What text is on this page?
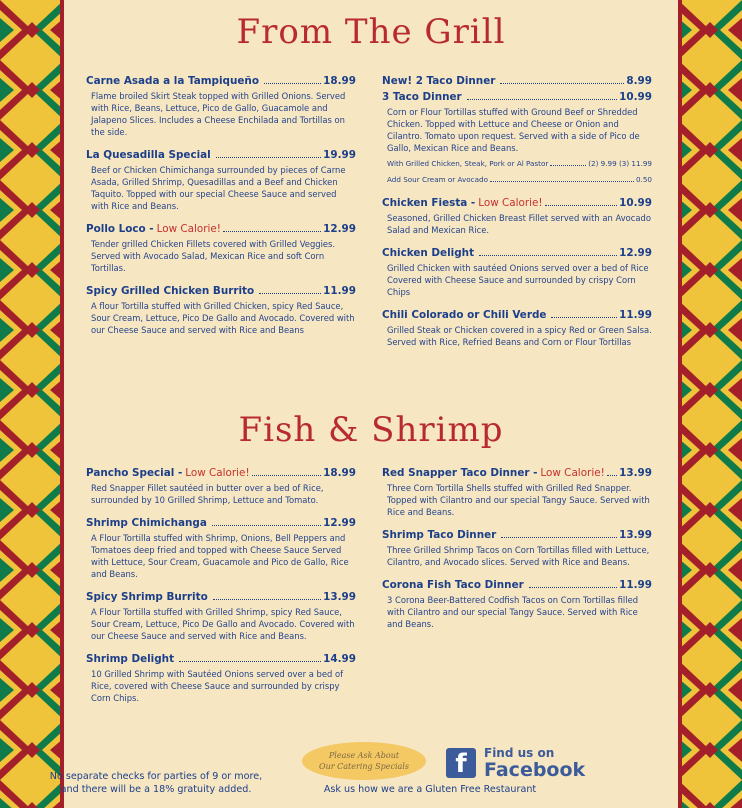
From The Grill
Carne Asada a la Tampiqueño	18.99
Flame broiled Skirt Steak topped with Grilled Onions. Served with Rice, Beans, Lettuce, Pico de Gallo, Guacamole and Jalapeno Slices. Includes a Cheese Enchilada and Tortillas on the side.
La Quesadilla Special	19.99
Beef or Chicken Chimichanga surrounded by pieces of Carne Asada, Grilled Shrimp, Quesadillas and a Beef and Chicken Taquito. Topped with our special Cheese Sauce and served with Rice and Beans.
Pollo Loco - Low Calorie!	12.99
Tender grilled Chicken Fillets covered with Grilled Veggies. Served with Avocado Salad, Mexican Rice and soft Corn Tortillas.
Spicy Grilled Chicken Burrito	11.99
A flour Tortilla stuffed with Grilled Chicken, spicy Red Sauce, Sour Cream, Lettuce, Pico De Gallo and Avocado. Covered with our Cheese Sauce and served with Rice and Beans
New! 2 Taco Dinner	8.99
3 Taco Dinner	10.99
Corn or Flour Tortillas stuffed with Ground Beef or Shredded Chicken. Topped with Lettuce and Cheese or Onion and Cilantro. Tomato upon request. Served with a side of Pico de Gallo, Mexican Rice and Beans.
With Grilled Chicken, Steak, Pork or Al Pastor	(2) 9.99 (3) 11.99
Add Sour Cream or Avocado	0.50
Chicken Fiesta - Low Calorie!	10.99
Seasoned, Grilled Chicken Breast Fillet served with an Avocado Salad and Mexican Rice.
Chicken Delight	12.99
Grilled Chicken with sautéed Onions served over a bed of Rice Covered with Cheese Sauce and surrounded by crispy Corn Chips
Chili Colorado or Chili Verde	11.99
Grilled Steak or Chicken covered in a spicy Red or Green Salsa. Served with Rice, Refried Beans and Corn or Flour Tortillas
Fish & Shrimp
Pancho Special - Low Calorie!	18.99
Red Snapper Fillet sautéed in butter over a bed of Rice, surrounded by 10 Grilled Shrimp, Lettuce and Tomato.
Shrimp Chimichanga	12.99
A Flour Tortilla stuffed with Shrimp, Onions, Bell Peppers and Tomatoes deep fried and topped with Cheese Sauce Served with Lettuce, Sour Cream, Guacamole and Pico de Gallo, Rice and Beans.
Spicy Shrimp Burrito	13.99
A Flour Tortilla stuffed with Grilled Shrimp, spicy Red Sauce, Sour Cream, Lettuce, Pico De Gallo and Avocado. Covered with our Cheese Sauce and served with Rice and Beans.
Shrimp Delight	14.99
10 Grilled Shrimp with Sautéed Onions served over a bed of Rice, covered with Cheese Sauce and surrounded by crispy Corn Chips.
Red Snapper Taco Dinner - Low Calorie! 13.99
Three Corn Tortilla Shells stuffed with Grilled Red Snapper. Topped with Cilantro and our special Tangy Sauce. Served with Rice and Beans.
Shrimp Taco Dinner	13.99
Three Grilled Shrimp Tacos on Corn Tortillas filled with Lettuce, Cilantro, and Avocado slices. Served with Rice and Beans.
Corona Fish Taco Dinner	11.99
3 Corona Beer-Battered Codfish Tacos on Corn Tortillas filled with Cilantro and our special Tangy Sauce. Served with Rice and Beans.
No separate checks for parties of 9 or more,
and there will be a 18% gratuity added.
Please Ask About
Our Catering Specials	f	Find us on
Facebook
Ask us how we are a Gluten Free Restaurant
